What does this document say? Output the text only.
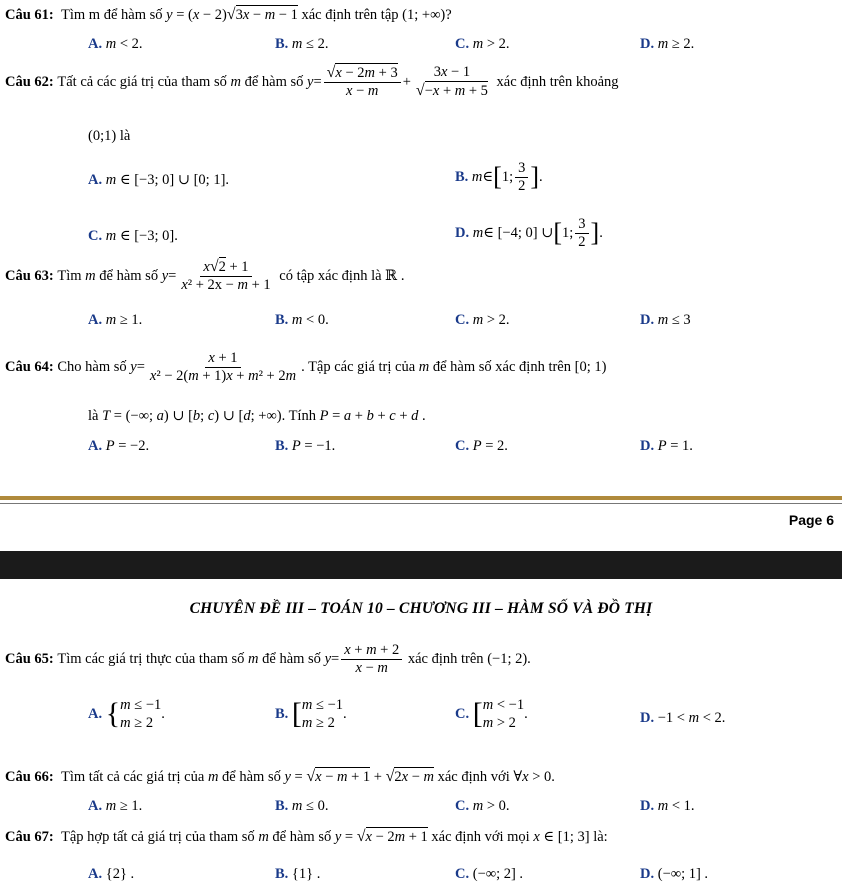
Câu 61: Tìm m để hàm số y = (x − 2)√3x − m − 1 xác định trên tập (1; +∞)?
A. m < 2.	B. m ≤ 2.	C. m > 2.	D. m ≥ 2.
Câu 62:
Tất cả các giá trị của tham số
m
để hàm số
$y = \frac{√x - 2m + 3}{x - m} + \frac{3x - 1}{√-x + m + 5}$
xác định trên khoảng
(0;1) là
A. m ∈ [−3; 0] ∪ [0; 1].	B.
m ∈ [ 1; $\frac{3}{2}$ ] .
C. m ∈ [−3; 0].	D.
m ∈ [−4; 0] ∪ [ 1; $\frac{3}{2}$ ] .
Câu 63:
Tìm
m
để hàm số
$y = \frac{x√2 + 1}{\text{x² + 2x − m + 1}}$
có tập xác định là ℝ .
A. m ≥ 1.	B. m < 0.	C. m > 2.	D. m ≤ 3
Câu 64:
Cho hàm số
$y = \frac{x + 1}{\text{x² − 2(m + 1)x + m² + 2m}}$ . Tập các giá trị của
m
để hàm số xác định trên [0; 1)
là T = (−∞; a) ∪ [b; c) ∪ [d; +∞). Tính P = a + b + c + d .
A. P = −2.	B. P = −1.	C. P = 2.	D. P = 1.
Page 6
CHUYÊN ĐỀ III – TOÁN 10 – CHƯƠNG III – HÀM SỐ VÀ ĐỒ THỊ
Câu 65:
Tìm các giá trị thực của tham số
m
để hàm số
$y = \frac{x + m + 2}{x - m}$
xác định trên (−1; 2).
A.
{ m ≤ −1
m ≥ 2
.	B.
[ m ≤ −1
m ≥ 2
.	C.
[ m < −1
m > 2
.	D. −1 < m < 2.
Câu 66: Tìm tất cả các giá trị của m để hàm số y = √x − m + 1 + √2x − m xác định với ∀x > 0.
A. m ≥ 1.	B. m ≤ 0.	C. m > 0.	D. m < 1.
Câu 67: Tập hợp tất cả giá trị của tham số m để hàm số y = √x − 2m + 1 xác định với mọi x ∈ [1; 3] là:
A. {2} .	B. {1} .	C. (−∞; 2] .	D. (−∞; 1] .
